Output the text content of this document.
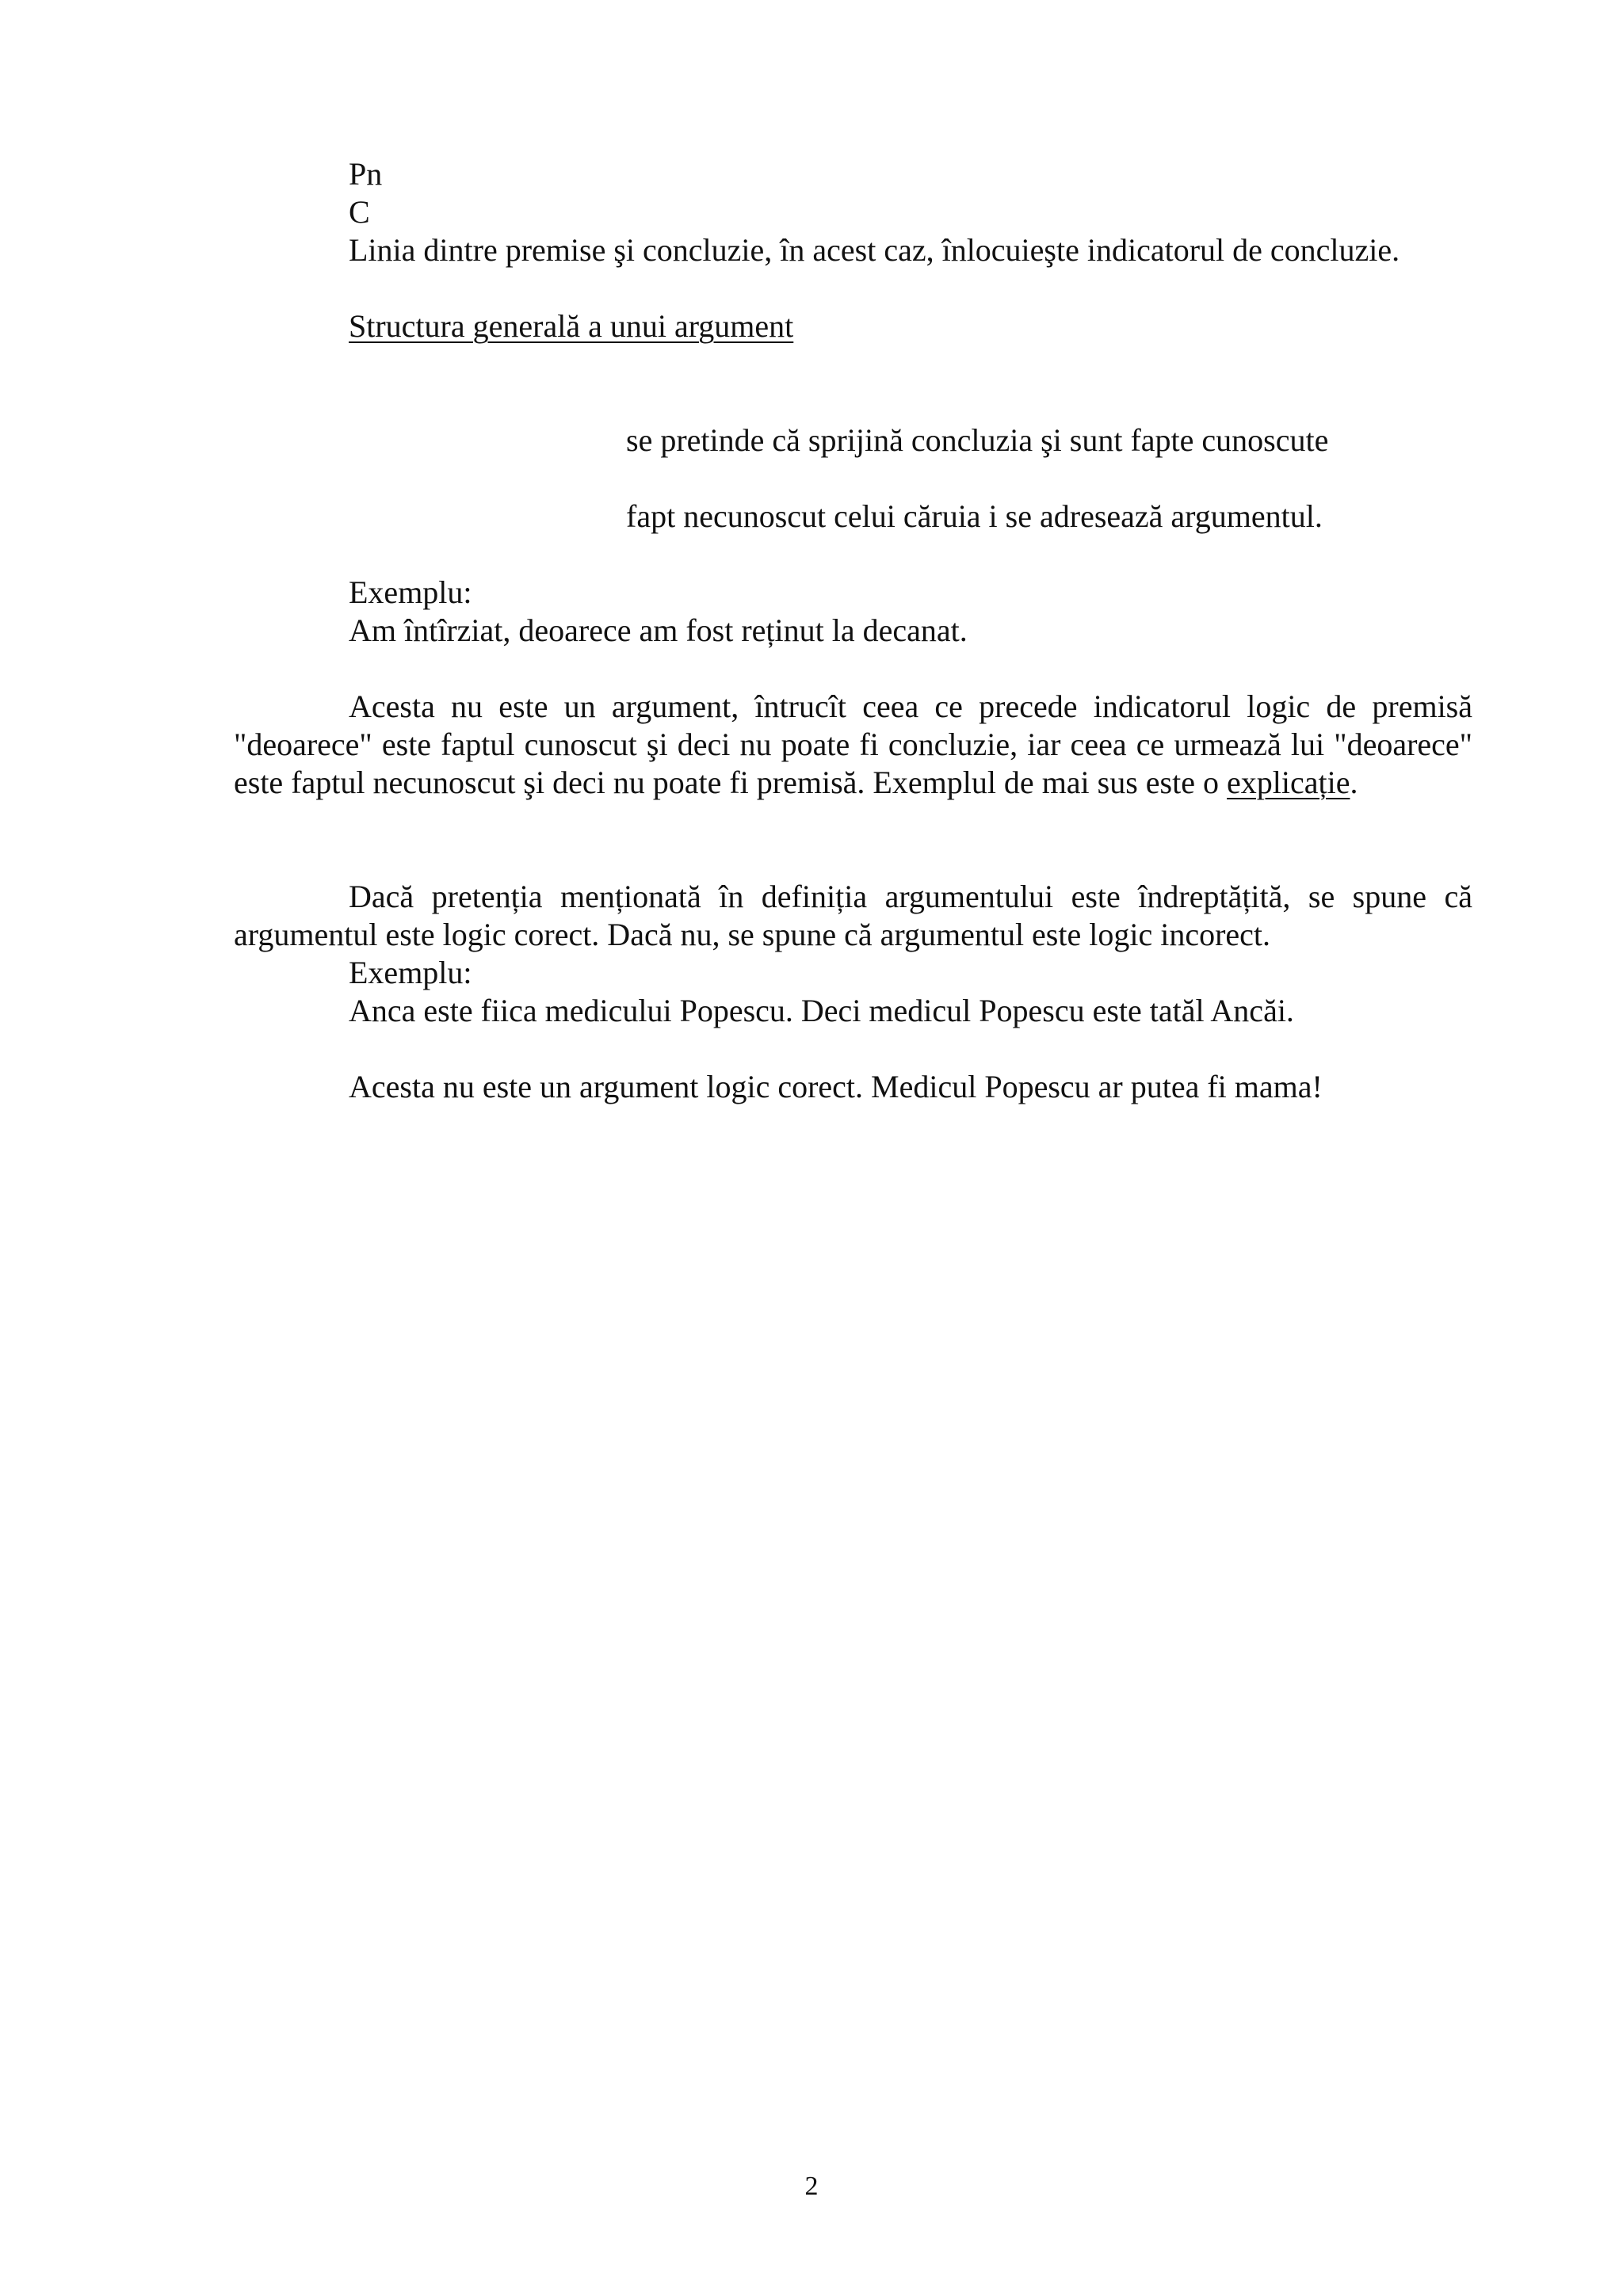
Pn
C
Linia dintre premise şi concluzie, în acest caz, înlocuieşte indicatorul de concluzie.
Structura generală a unui argument
se pretinde că sprijină concluzia şi sunt fapte cunoscute
fapt necunoscut celui căruia i se adresează argumentul.
Exemplu:
Am întîrziat, deoarece am fost reținut la decanat.
Acesta nu este un argument, întrucît ceea ce precede indicatorul logic de premisă "deoarece" este faptul cunoscut şi deci nu poate fi concluzie, iar ceea ce urmează lui "deoarece" este faptul necunoscut şi deci nu poate fi premisă. Exemplul de mai sus este o explicație.
Dacă pretenția menționată în definiția argumentului este îndreptățită, se spune că argumentul este logic corect. Dacă nu, se spune că argumentul este logic incorect.
Exemplu:
Anca este fiica medicului Popescu. Deci medicul Popescu este tatăl Ancăi.
Acesta nu este un argument logic corect. Medicul Popescu ar putea fi mama!
2
